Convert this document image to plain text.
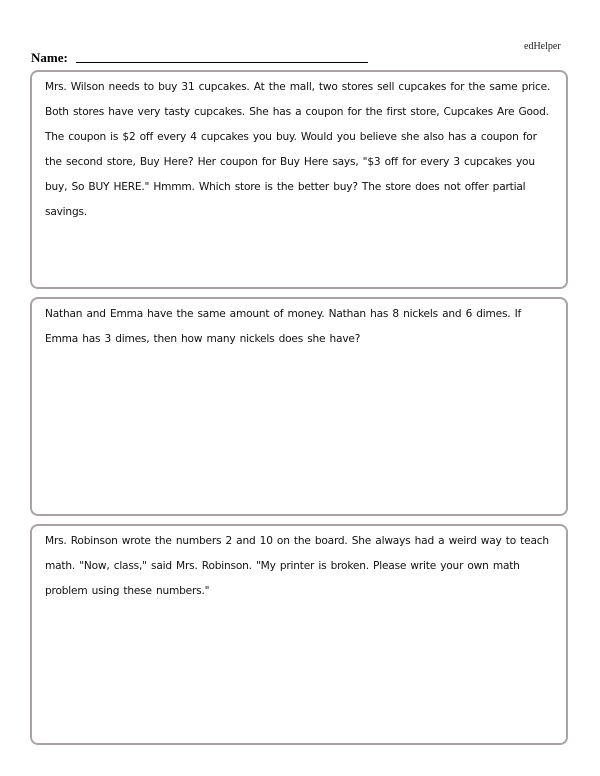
edHelper
Name:

Mrs. Wilson needs to buy 31 cupcakes. At the mall, two stores sell cupcakes for the same price. Both stores have very tasty cupcakes. She has a coupon for the first store, Cupcakes Are Good. The coupon is $2 off every 4 cupcakes you buy. Would you believe she also has a coupon for the second store, Buy Here? Her coupon for Buy Here says, "$3 off for every 3 cupcakes you buy, So BUY HERE." Hmmm. Which store is the better buy? The store does not offer partial savings.

Nathan and Emma have the same amount of money. Nathan has 8 nickels and 6 dimes. If Emma has 3 dimes, then how many nickels does she have?

Mrs. Robinson wrote the numbers 2 and 10 on the board. She always had a weird way to teach math. "Now, class," said Mrs. Robinson. "My printer is broken. Please write your own math problem using these numbers."
